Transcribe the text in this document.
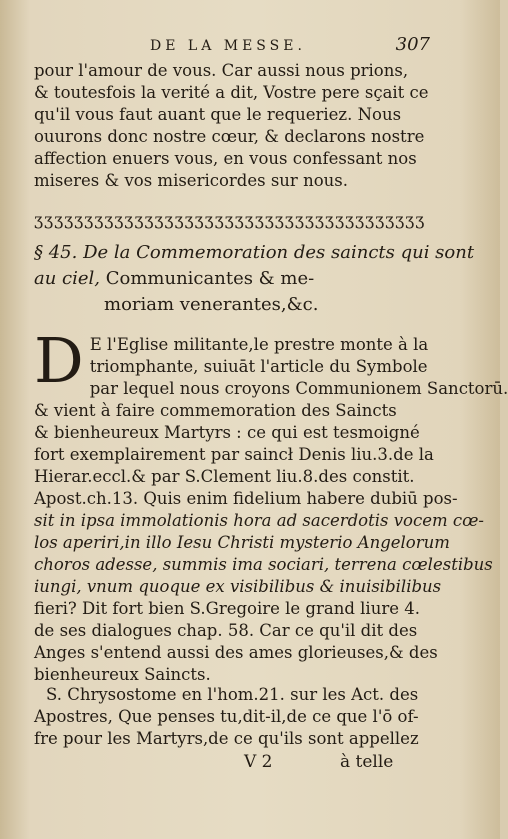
DE LA MESSE.	307
pour l'amour de vous. Car aussi nous prions,
& toutesfois la verité a dit, Vostre pere sçait ce
qu'il vous faut auant que le requeriez. Nous
ouurons donc nostre cœur, & declarons nostre
affection enuers vous, en vous confessant nos
miseres & vos misericordes sur nous.
ʒʒʒʒʒʒʒʒʒʒʒʒʒʒʒʒʒʒʒʒʒʒʒʒʒʒʒʒʒʒʒʒʒʒʒʒʒʒʒ
§ 45. De la Commemoration des saincts qui sont
au ciel, Communicantes & me-
moriam venerantes,&c.
D E l'Eglise militante,le prestre monte à la
triomphante, suiuāt l'article du Symbole
par lequel nous croyons Communionem Sanctorū.
& vient à faire commemoration des Saincts
& bienheureux Martyrs : ce qui est tesmoigné
fort exemplairement par saincł Denis liu.3.de la
Hierar.eccl.& par S.Clement liu.8.des constit.
Apost.ch.13. Quis enim fidelium habere dubiū pos-
sit in ipsa immolationis hora ad sacerdotis vocem cœ-
los aperiri,in illo Iesu Christi mysterio Angelorum
choros adesse, summis ima sociari, terrena cœlestibus
iungi, vnum quoque ex visibilibus & inuisibilibus
fieri? Dit fort bien S.Gregoire le grand liure 4.
de ses dialogues chap. 58. Car ce qu'il dit des
Anges s'entend aussi des ames glorieuses,& des
bienheureux Saincts.
S. Chrysostome en l'hom.21. sur les Act. des
Apostres, Que penses tu,dit-il,de ce que l'ō of-
fre pour les Martyrs,de ce qu'ils sont appellez
V 2	à telle
